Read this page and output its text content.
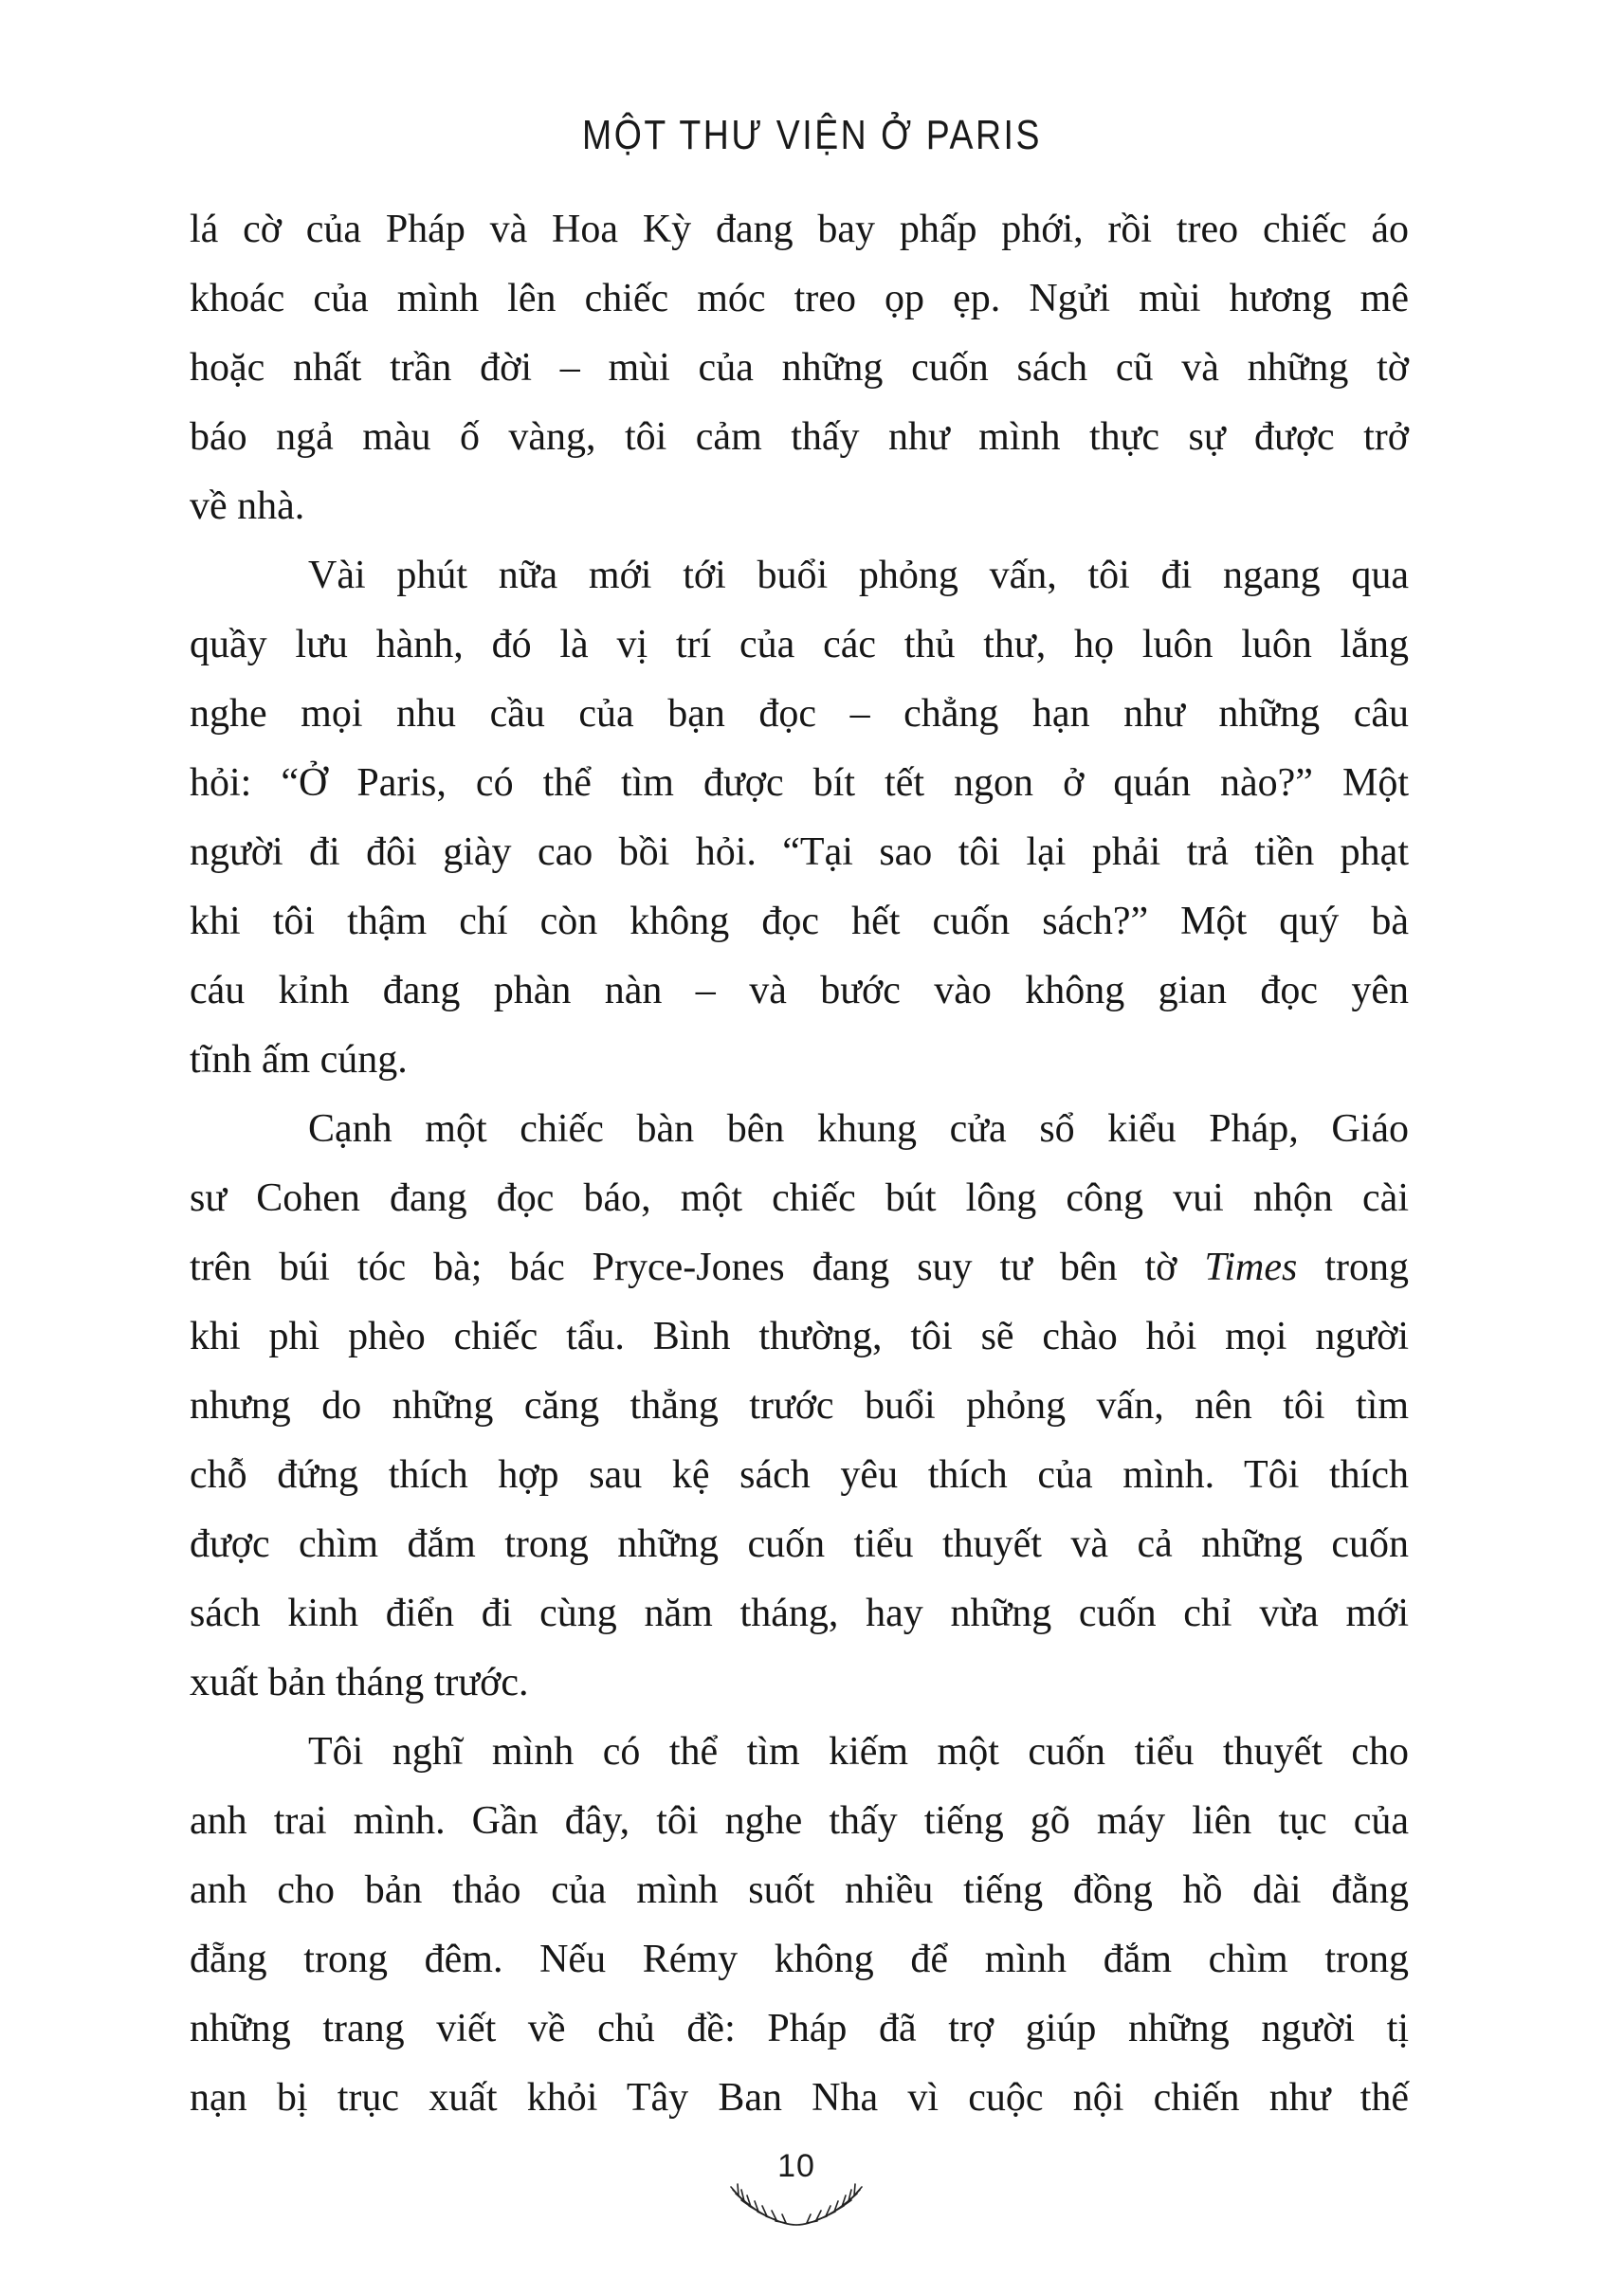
MỘT THƯ VIỆN Ở PARIS
lá cờ của Pháp và Hoa Kỳ đang bay phấp phới, rồi treo chiếc áo
khoác của mình lên chiếc móc treo ọp ẹp. Ngửi mùi hương mê
hoặc nhất trần đời – mùi của những cuốn sách cũ và những tờ
báo ngả màu ố vàng, tôi cảm thấy như mình thực sự được trở
về nhà.
Vài phút nữa mới tới buổi phỏng vấn, tôi đi ngang qua
quầy lưu hành, đó là vị trí của các thủ thư, họ luôn luôn lắng
nghe mọi nhu cầu của bạn đọc – chẳng hạn như những câu
hỏi: “Ở Paris, có thể tìm được bít tết ngon ở quán nào?” Một
người đi đôi giày cao bồi hỏi. “Tại sao tôi lại phải trả tiền phạt
khi tôi thậm chí còn không đọc hết cuốn sách?” Một quý bà
cáu kỉnh đang phàn nàn – và bước vào không gian đọc yên
tĩnh ấm cúng.
Cạnh một chiếc bàn bên khung cửa sổ kiểu Pháp, Giáo
sư Cohen đang đọc báo, một chiếc bút lông công vui nhộn cài
trên búi tóc bà; bác Pryce-Jones đang suy tư bên tờ Times trong
khi phì phèo chiếc tẩu. Bình thường, tôi sẽ chào hỏi mọi người
nhưng do những căng thẳng trước buổi phỏng vấn, nên tôi tìm
chỗ đứng thích hợp sau kệ sách yêu thích của mình. Tôi thích
được chìm đắm trong những cuốn tiểu thuyết và cả những cuốn
sách kinh điển đi cùng năm tháng, hay những cuốn chỉ vừa mới
xuất bản tháng trước.
Tôi nghĩ mình có thể tìm kiếm một cuốn tiểu thuyết cho
anh trai mình. Gần đây, tôi nghe thấy tiếng gõ máy liên tục của
anh cho bản thảo của mình suốt nhiều tiếng đồng hồ dài đằng
đẵng trong đêm. Nếu Rémy không để mình đắm chìm trong
những trang viết về chủ đề: Pháp đã trợ giúp những người tị
nạn bị trục xuất khỏi Tây Ban Nha vì cuộc nội chiến như thế
10
